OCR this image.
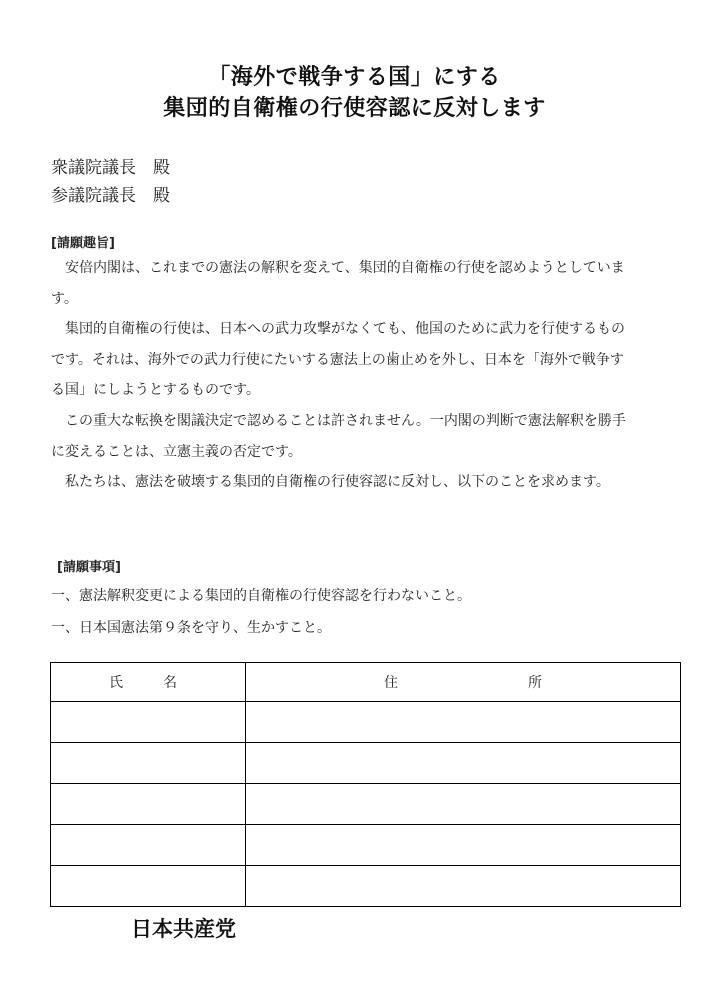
「海外で戦争する国」にする
集団的自衛権の行使容認に反対します
衆議院議長　殿
参議院議長　殿
[請願趣旨]

安倍内閣は、これまでの憲法の解釈を変えて、集団的自衛権の行使を認めようとしています。

集団的自衛権の行使は、日本への武力攻撃がなくても、他国のために武力を行使するものです。それは、海外での武力行使にたいする憲法上の歯止めを外し、日本を「海外で戦争する国」にしようとするものです。

この重大な転換を閣議決定で認めることは許されません。一内閣の判断で憲法解釈を勝手に変えることは、立憲主義の否定です。

私たちは、憲法を破壊する集団的自衛権の行使容認に反対し、以下のことを求めます。

[請願事項]
一、憲法解釈変更による集団的自衛権の行使容認を行わないこと。
一、日本国憲法第９条を守り、生かすこと。
氏名	住所

日本共産党
